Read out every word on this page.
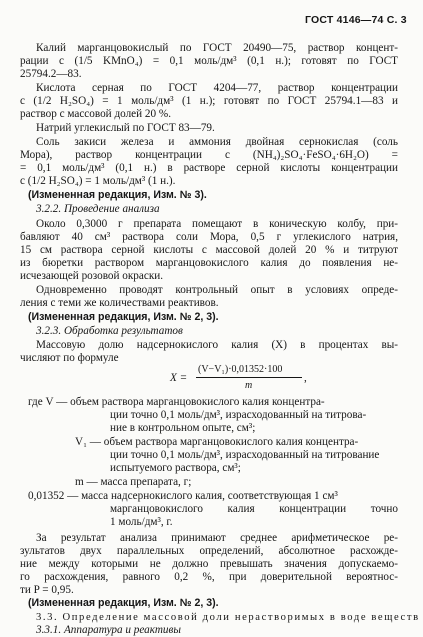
ГОСТ 4146—74 С. 3
Калий марганцовокислый по ГОСТ 20490—75, раствор концент-
рации с (1/5 KMnO₄) = 0,1 моль/дм³ (0,1 н.); готовят по ГОСТ
25794.2—83.
Кислота серная по ГОСТ 4204—77, раствор концентрации
с (1/2 H₂SO₄) = 1 моль/дм³ (1 н.); готовят по ГОСТ 25794.1—83 и
раствор с массовой долей 20 %.
Натрий углекислый по ГОСТ 83—79.
Соль закиси железа и аммония двойная сернокислая (соль
Мора), раствор концентрации с (NH₄)₂SO₄·FeSO₄·6H₂O) =
= 0,1 моль/дм³ (0,1 н.) в растворе серной кислоты концентрации
с (1/2 H₂SO₄) = 1 моль/дм³ (1 н.).
(Измененная редакция, Изм. № 3).
3.2.2. Проведение анализа
Около 0,3000 г препарата помещают в коническую колбу, при-
бавляют 40 см³ раствора соли Мора, 0,5 г углекислого натрия,
15 см раствора серной кислоты с массовой долей 20 % и титруют
из бюретки раствором марганцовокислого калия до появления не-
исчезающей розовой окраски.
Одновременно проводят контрольный опыт в условиях опреде-
ления с теми же количествами реактивов.
(Измененная редакция, Изм. № 2, 3).
3.2.3. Обработка результатов
Массовую долю надсернокислого калия (X) в процентах вы-
числяют по формуле
X =
(V−V₁)·0,01352·100
m
,
где V — объем раствора марганцовокислого калия концентра-
ции точно 0,1 моль/дм³, израсходованный на титрова-
ние в контрольном опыте, см³;
V₁ — объем раствора марганцовокислого калия концентра-
ции точно 0,1 моль/дм³, израсходованный на титрование
испытуемого раствора, см³;
m — масса препарата, г;
0,01352 — масса надсернокислого калия, соответствующая 1 см³
марганцовокислого калия концентрации точно
1 моль/дм³, г.
За результат анализа принимают среднее арифметическое ре-
зультатов двух параллельных определений, абсолютное расхожде-
ние между которыми не должно превышать значения допускаемо-
го расхождения, равного 0,2 %, при доверительной вероятнос-
ти P = 0,95.
(Измененная редакция, Изм. № 2, 3).
3.3. Определение массовой доли нерастворимых в воде веществ
3.3.1. Аппаратура и реактивы
